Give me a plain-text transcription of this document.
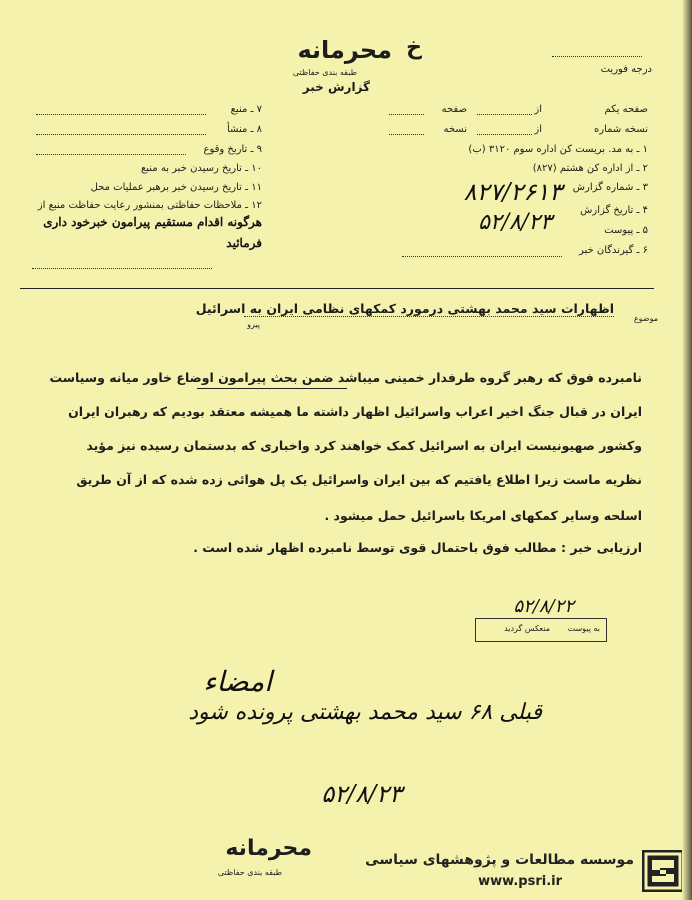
خ
محرمانه
طبقه بندی حفاظتی
گزارش خبر
درجه فوریت
صفحه یکم
از
صفحه
نسخه شماره
از
نسخه
۱ ـ به مد. بریست کن اداره سوم ۳۱۲۰ (ب)
۲ ـ از اداره کن هشتم (۸۲۷)
۳ ـ شماره گزارش
۴ ـ تاریخ گزارش
۵ ـ پیوست
۶ ـ گیرندگان خبر
۸۲۷/۲۶۱۳
۵۲/۸/۲۳
۷ ـ منبع
۸ ـ منشأ
۹ ـ تاریخ وقوع
۱۰ ـ تاریخ رسیدن خبر به منبع
۱۱ ـ تاریخ رسیدن خبر برهبر عملیات محل
۱۲ ـ ملاحظات حفاظتی بمنشور رعایت حفاظت منبع از
هرگونه اقدام مستقیم پیرامون خبرخود داری
فرمائید
موضوع
اظهارات سید محمد بهشتی درمورد کمکهای نظامی ایران به اسرائیل
پیرو
نامبرده فوق که رهبر گروه طرفدار خمینی میباشد ضمن بحث پیرامون اوضاع خاور میانه وسیاست
ایران در قبال جنگ اخیر اعراب واسرائیل اظهار داشته ما همیشه معتقد بودیم که رهبران ایران
وکشور صهیونیست ایران به اسرائیل کمک خواهند کرد واخباری که بدستمان رسیده نیز مؤید
نظریه ماست زیرا اطلاع یافتیم که بین ایران واسرائیل یک پل هوائی زده شده که از آن طریق
اسلحه وسایر کمکهای امریکا باسرائیل حمل میشود .
ارزیابی خبر : مطالب فوق باحتمال قوی توسط نامبرده اظهار شده است .
به پیوست
منعکس گردید
۵۲/۸/۲۲
امضاء
قبلی ۶۸ سید محمد بهشتی پرونده شود
۵۲/۸/۲۳
محرمانه
طبقه بندی حفاظتی
موسسه مطالعات و پژوهشهای سیاسی
www.psri.ir
